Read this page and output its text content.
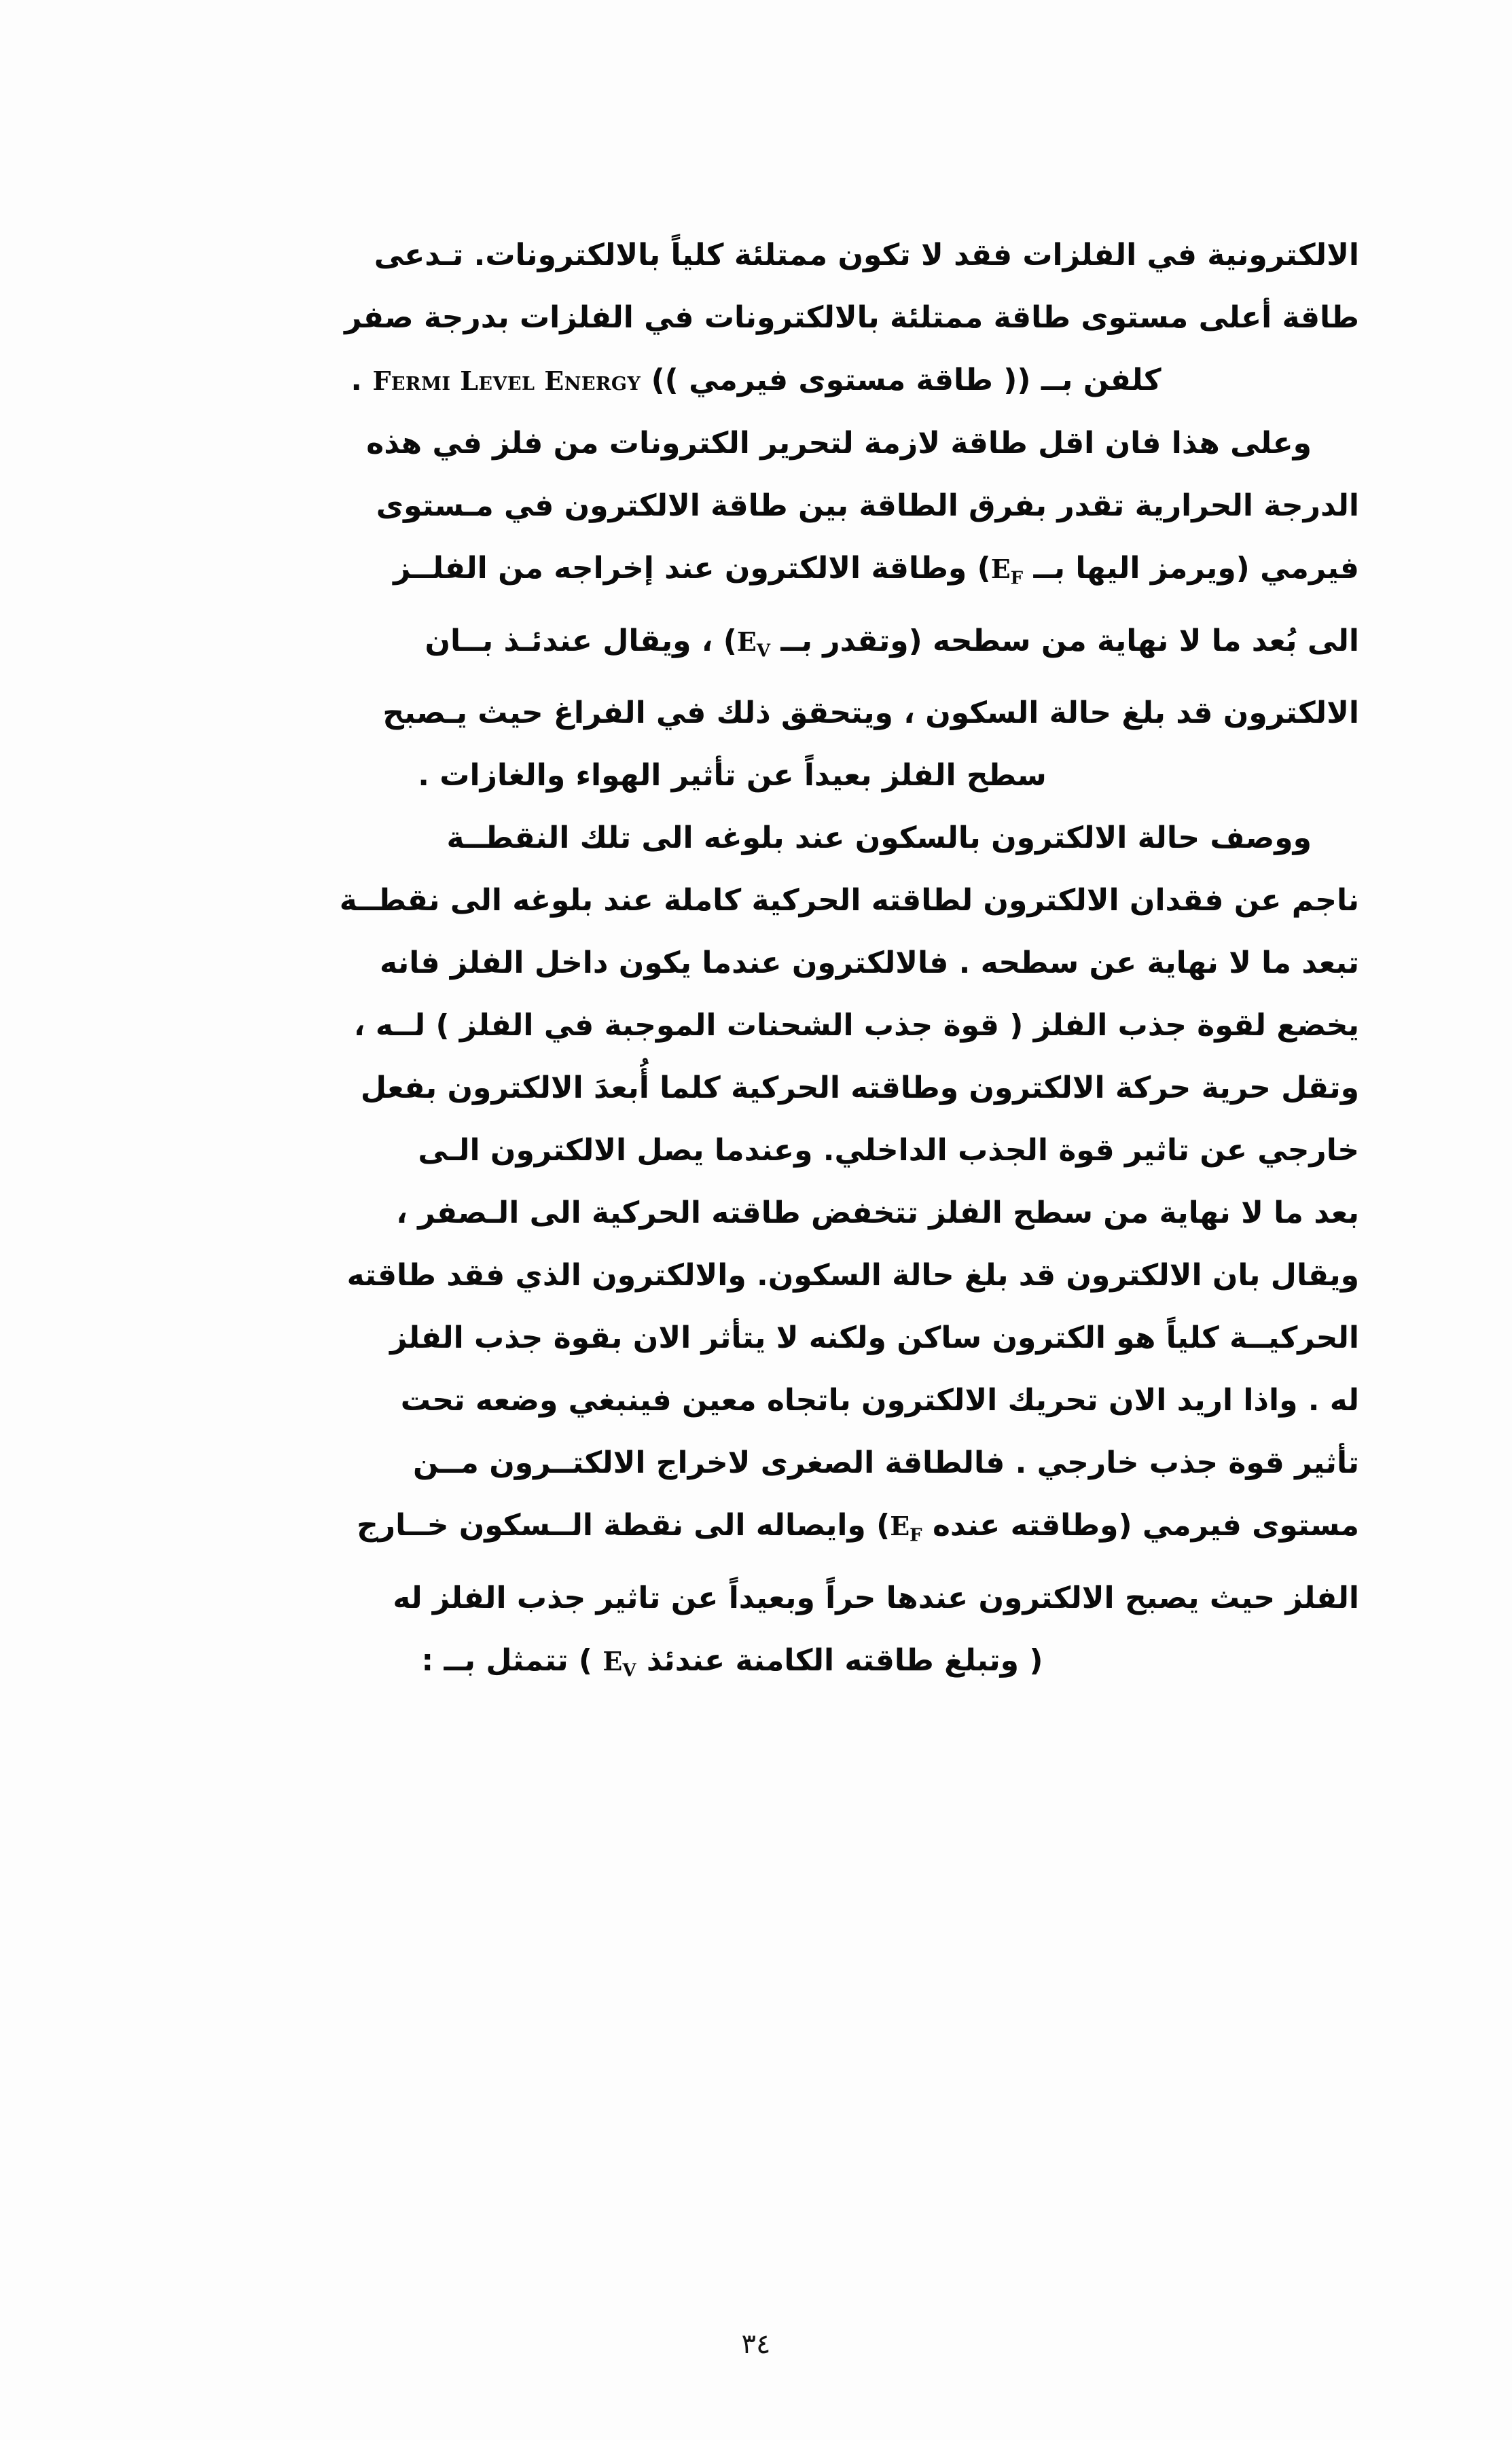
الالكترونية في الفلزات فقد لا تكون ممتلئة كلياً بالالكترونات. تـدعى
طاقة أعلى مستوى طاقة ممتلئة بالالكترونات في الفلزات بدرجة صفر

كلفن بــ (( طاقة مستوى فيرمي )) Fermi Level Energy .

وعلى هذا فان اقل طاقة لازمة لتحرير الكترونات من فلز في هذه
الدرجة الحرارية تقدر بفرق الطاقة بين طاقة الالكترون في مـستوى
فيرمي (ويرمز اليها بــ $E_F$) وطاقة الالكترون عند إخراجه من الفلــز
الى بُعد ما لا نهاية من سطحه (وتقدر بــ $E_V$) ، ويقال عندئـذ بــان
الالكترون قد بلغ حالة السكون ، ويتحقق ذلك في الفراغ حيث يـصبح

سطح الفلز بعيداً عن تأثير الهواء والغازات .

ووصف حالة الالكترون بالسكون عند بلوغه الى تلك النقطــة
ناجم عن فقدان الالكترون لطاقته الحركية كاملة عند بلوغه الى نقطــة
تبعد ما لا نهاية عن سطحه . فالالكترون عندما يكون داخل الفلز فانه
يخضع لقوة جذب الفلز ( قوة جذب الشحنات الموجبة في الفلز ) لــه ،
وتقل حرية حركة الالكترون وطاقته الحركية كلما أُبعدَ الالكترون بفعل
خارجي عن تاثير قوة الجذب الداخلي. وعندما يصل الالكترون الـى
بعد ما لا نهاية من سطح الفلز تتخفض طاقته الحركية الى الـصفر ،
ويقال بان الالكترون قد بلغ حالة السكون. والالكترون الذي فقد طاقته
الحركيــة كلياً هو الكترون ساكن ولكنه لا يتأثر الان بقوة جذب الفلز
له . واذا اريد الان تحريك الالكترون باتجاه معين فينبغي وضعه تحت
تأثير قوة جذب خارجي . فالطاقة الصغرى لاخراج الالكتــرون مــن
مستوى فيرمي (وطاقته عنده $E_F$) وايصاله الى نقطة الــسكون خــارج
الفلز حيث يصبح الالكترون عندها حراً وبعيداً عن تاثير جذب الفلز له

( وتبلغ طاقته الكامنة عندئذ $E_V$ ) تتمثل بــ :

٣٤
